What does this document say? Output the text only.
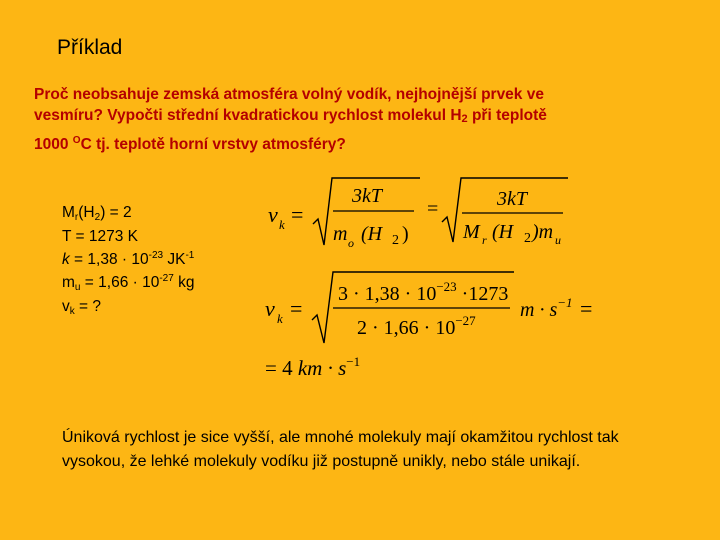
Příklad
Proč neobsahuje zemská atmosféra volný vodík, nejhojnější prvek ve
vesmíru? Vypočti střední kvadratickou rychlost molekul $H_2$ při teplotě
1000 $^O$C tj. teplotě horní vrstvy atmosféry?
$M_r(H_2) = 2$
T = 1273 K
$k = 1,38 \cdot 10^{-23}$ $JK^{-1}$
$m_u = 1,66 \cdot 10^{-27}$ kg
$v_k$ = ?
v k =
3kT
m o (H 2 )
=	3kT
M r (H 2 )m u
v k =
$3 \cdot 1,38 \cdot 10^{-23} \cdot 1273$
$2 \cdot 1,66 \cdot 10^{-27}$ $m \cdot s^{-1}$ =
= 4 km · $s^{-1}$
Úniková rychlost je sice vyšší, ale mnohé molekuly mají okamžitou rychlost tak
vysokou, že lehké molekuly vodíku již postupně unikly, nebo stále unikají.
